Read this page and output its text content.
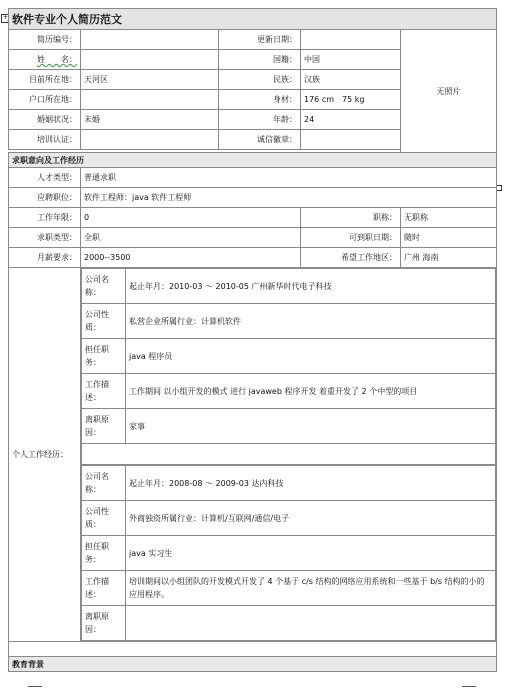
+ 软件专业个人简历范文
简历编号：		更新日期：		无照片
姓　　名：		国籍：	中国
目前所在地：	天河区	民族：	汉族
户口所在地：		身材：	176 cm　75 kg
婚姻状况：	未婚	年龄：	24
培训认证：		诚信徽章：	

求职意向及工作经历
人才类型：	普通求职
应聘职位：	软件工程师：java 软件工程师
工作年限：	0	职称：	无职称
求职类型：	全职	可到职日期：	随时
月薪要求：	2000--3500	希望工作地区：	广州 海南
个人工作经历：	
公司名称：	起止年月：2010-03 ～ 2010-05 广州新华时代电子科技
公司性质：	私营企业所属行业：计算机软件
担任职务：	java 程序员
工作描述：	工作期间 以小组开发的模式 进行 javaweb 程序开发 着重开发了 2 个中型的项目
离职原因：	家事

公司名称：	起止年月：2008-08 ～ 2009-03 达内科技
公司性质：	外商独资所属行业：计算机/互联网/通信/电子
担任职务：	java 实习生
工作描述：	培训期间以小组团队的开发模式开发了 4 个基于 c/s 结构的网络应用系统和一些基于 b/s 结构的小的应用程序。
离职原因：	

教育背景
